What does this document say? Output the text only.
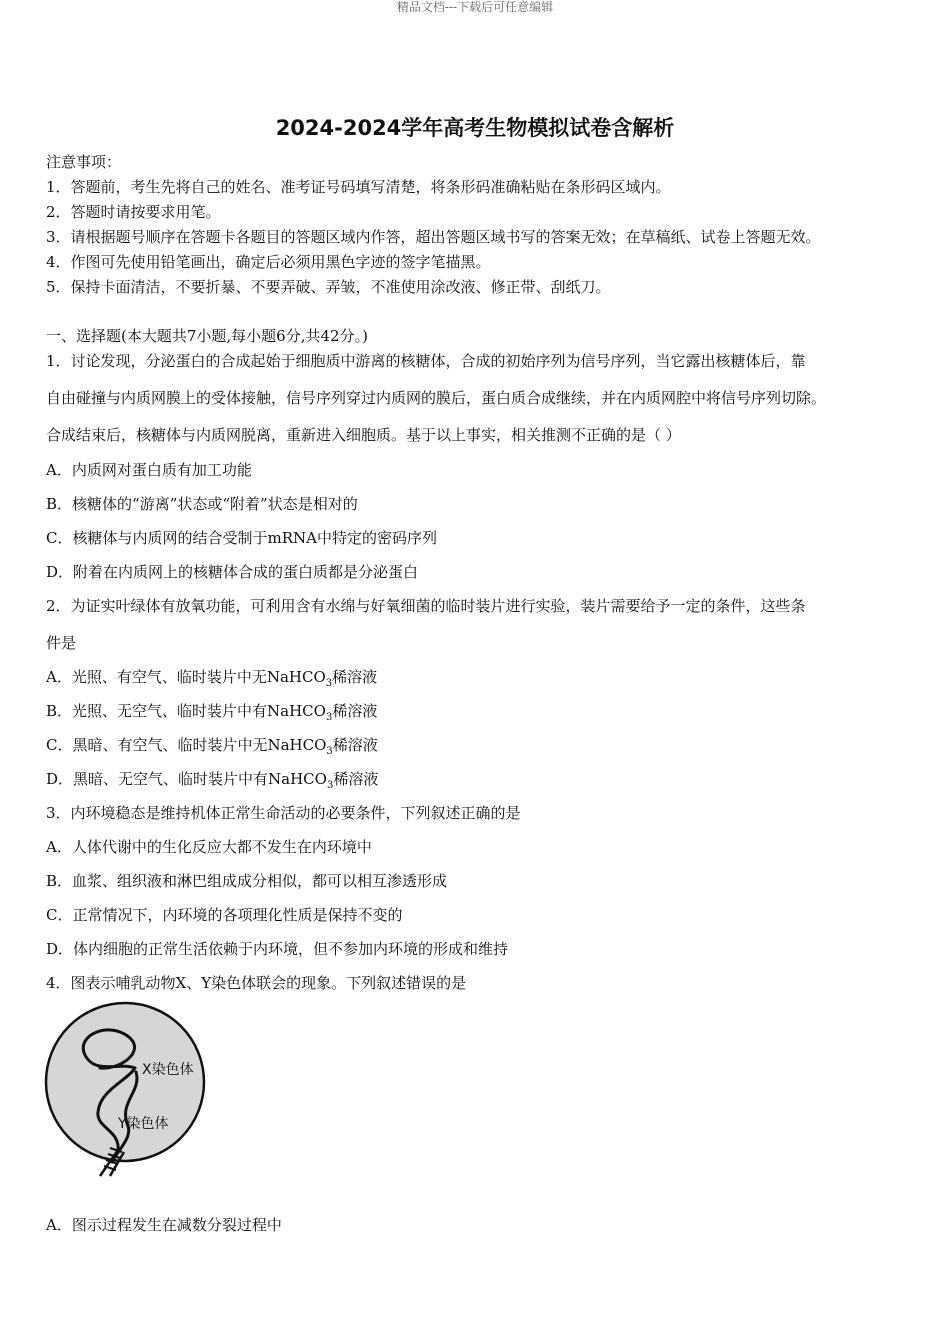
精品文档---下载后可任意编辑
2024-2024学年高考生物模拟试卷含解析
注意事项：
1．答题前，考生先将自己的姓名、准考证号码填写清楚，将条形码准确粘贴在条形码区域内。
2．答题时请按要求用笔。
3．请根据题号顺序在答题卡各题目的答题区域内作答，超出答题区域书写的答案无效；在草稿纸、试卷上答题无效。
4．作图可先使用铅笔画出，确定后必须用黑色字迹的签字笔描黑。
5．保持卡面清洁，不要折暴、不要弄破、弄皱，不准使用涂改液、修正带、刮纸刀。
一、选择题(本大题共7小题,每小题6分,共42分。)
1．讨论发现，分泌蛋白的合成起始于细胞质中游离的核糖体，合成的初始序列为信号序列，当它露出核糖体后，靠
自由碰撞与内质网膜上的受体接触，信号序列穿过内质网的膜后，蛋白质合成继续，并在内质网腔中将信号序列切除。
合成结束后，核糖体与内质网脱离，重新进入细胞质。基于以上事实，相关推测不正确的是（ ）
A．内质网对蛋白质有加工功能
B．核糖体的“游离”状态或“附着”状态是相对的
C．核糖体与内质网的结合受制于mRNA中特定的密码序列
D．附着在内质网上的核糖体合成的蛋白质都是分泌蛋白
2．为证实叶绿体有放氧功能，可利用含有水绵与好氧细菌的临时装片进行实验，装片需要给予一定的条件，这些条
件是
A．光照、有空气、临时装片中无NaHCO$_3$稀溶液
B．光照、无空气、临时装片中有NaHCO$_3$稀溶液
C．黑暗、有空气、临时装片中无NaHCO$_3$稀溶液
D．黑暗、无空气、临时装片中有NaHCO$_3$稀溶液
3．内环境稳态是维持机体正常生命活动的必要条件，下列叙述正确的是
A．人体代谢中的生化反应大都不发生在内环境中
B．血浆、组织液和淋巴组成成分相似，都可以相互渗透形成
C．正常情况下，内环境的各项理化性质是保持不变的
D．体内细胞的正常生活依赖于内环境，但不参加内环境的形成和维持
4．图表示哺乳动物X、Y染色体联会的现象。下列叙述错误的是
X染色体
Y染色体
A．图示过程发生在减数分裂过程中
